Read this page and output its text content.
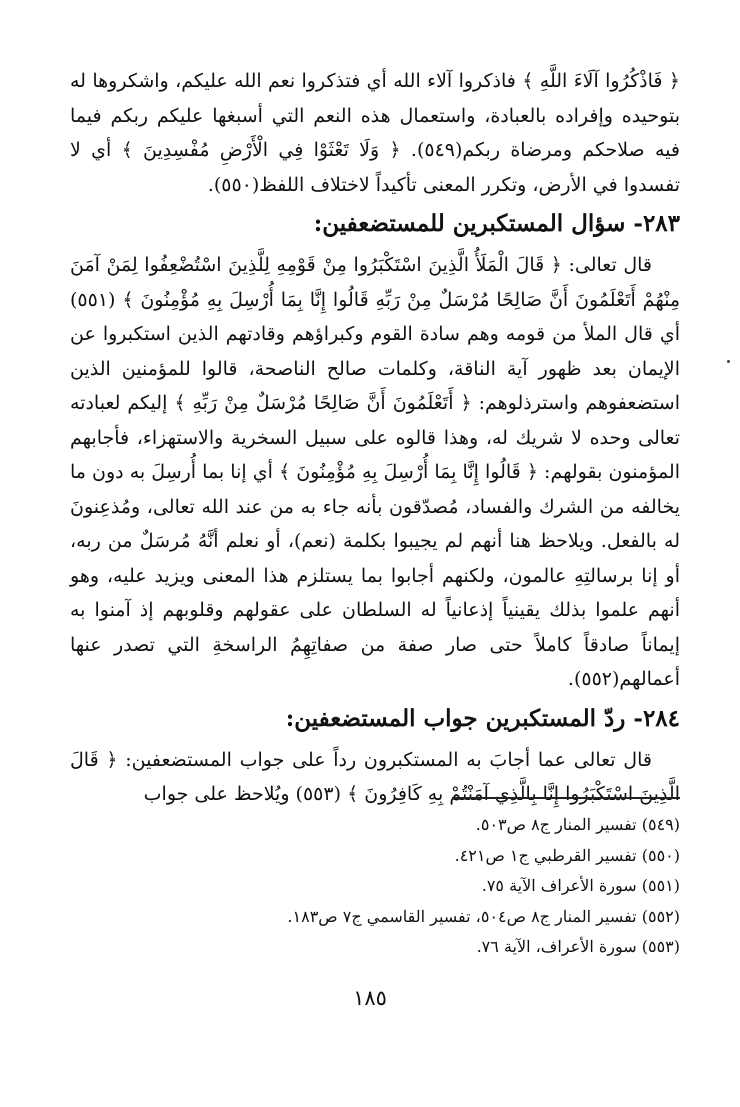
﴿ فَاذْكُرُوا آلَاءَ اللَّهِ ﴾ فاذكروا آلاء الله أي فتذكروا نعم الله عليكم، واشكروها له بتوحيده وإفراده بالعبادة، واستعمال هذه النعم التي أسبغها عليكم ربكم فيما فيه صلاحكم ومرضاة ربكم(٥٤٩). ﴿ وَلَا تَعْثَوْا فِي الْأَرْضِ مُفْسِدِينَ ﴾ أي لا تفسدوا في الأرض، وتكرر المعنى تأكيداً لاختلاف اللفظ(٥٥٠).

٢٨٣- سؤال المستكبرين للمستضعفين:

قال تعالى: ﴿ قَالَ الْمَلَأُ الَّذِينَ اسْتَكْبَرُوا مِنْ قَوْمِهِ لِلَّذِينَ اسْتُضْعِفُوا لِمَنْ آمَنَ مِنْهُمْ أَتَعْلَمُونَ أَنَّ صَالِحًا مُرْسَلٌ مِنْ رَبِّهِ قَالُوا إِنَّا بِمَا أُرْسِلَ بِهِ مُؤْمِنُونَ ﴾ (٥٥١) أي قال الملأ من قومه وهم سادة القوم وكبراؤهم وقادتهم الذين استكبروا عن الإيمان بعد ظهور آية الناقة، وكلمات صالح الناصحة، قالوا للمؤمنين الذين استضعفوهم واسترذلوهم: ﴿ أَتَعْلَمُونَ أَنَّ صَالِحًا مُرْسَلٌ مِنْ رَبِّهِ ﴾ إليكم لعبادته تعالى وحده لا شريك له، وهذا قالوه على سبيل السخرية والاستهزاء، فأجابهم المؤمنون بقولهم: ﴿ قَالُوا إِنَّا بِمَا أُرْسِلَ بِهِ مُؤْمِنُونَ ﴾ أي إنا بما أُرسِلَ به دون ما يخالفه من الشرك والفساد، مُصدّقون بأنه جاء به من عند الله تعالى، ومُذعِنونَ له بالفعل. ويلاحظ هنا أنهم لم يجيبوا بكلمة (نعم)، أو نعلم أنَّهُ مُرسَلٌ من ربه، أو إنا برسالتِهِ عالمون، ولكنهم أجابوا بما يستلزم هذا المعنى ويزيد عليه، وهو أنهم علموا بذلك يقينياً إذعانياً له السلطان على عقولهم وقلوبهم إذ آمنوا به إيماناً صادقاً كاملاً حتى صار صفة من صفاتِهِمُ الراسخةِ التي تصدر عنها أعمالهم(٥٥٢).

٢٨٤- ردّ المستكبرين جواب المستضعفين:

قال تعالى عما أجابَ به المستكبرون رداً على جواب المستضعفين: ﴿ قَالَ الَّذِينَ اسْتَكْبَرُوا إِنَّا بِالَّذِي آمَنْتُمْ بِهِ كَافِرُونَ ﴾ (٥٥٣) ويُلاحظ على جواب

(٥٤٩) تفسير المنار ج٨ ص٥٠٣.

(٥٥٠) تفسير القرطبي ج١ ص٤٢١.

(٥٥١) سورة الأعراف الآية ٧٥.

(٥٥٢) تفسير المنار ج٨ ص٥٠٤، تفسير القاسمي ج٧ ص١٨٣.

(٥٥٣) سورة الأعراف، الآية ٧٦.

١٨٥
